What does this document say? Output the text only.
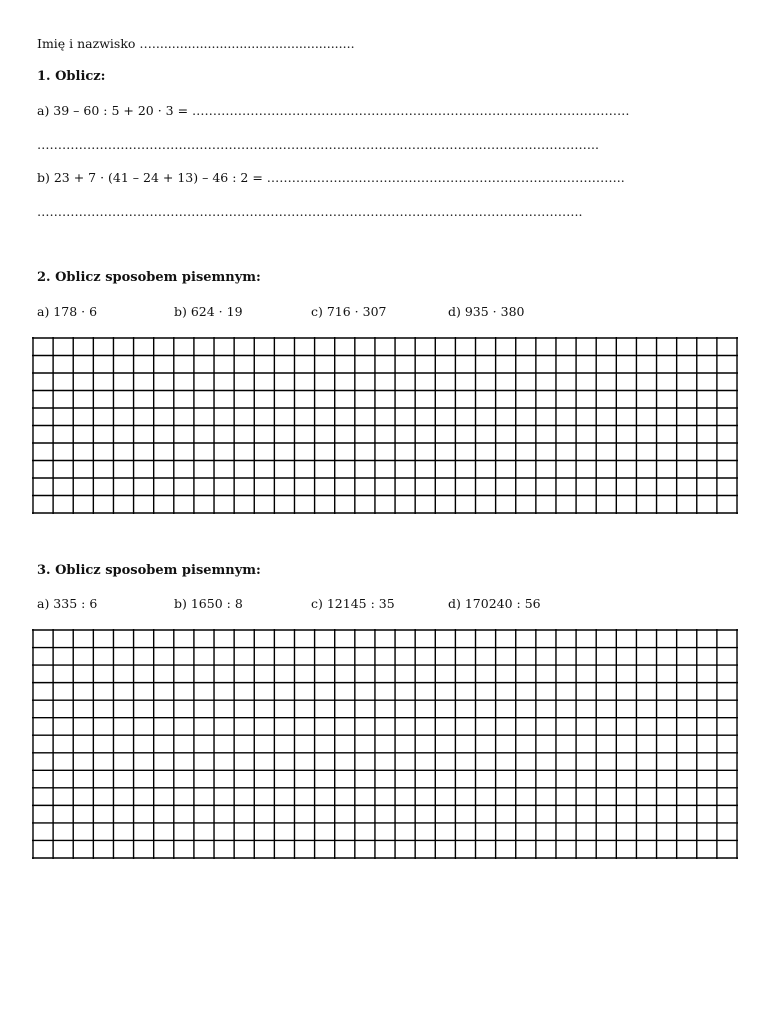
Imię i nazwisko …...................................................
1. Oblicz:
a) 39 – 60 : 5 + 20 · 3 = ……………………………………………………………………………………………
………………….…………………………………………………………………………………………………..
b) 23 + 7 · (41 – 24 + 13) – 46 : 2 = …………………………………………………………………………..
…………………………………………………………………………………………………………………..
2. Oblicz sposobem pisemnym:
a) 178 · 6	b) 624 · 19	c) 716 · 307	d) 935 · 380
3. Oblicz sposobem pisemnym:
a) 335 : 6	b) 1650 : 8	c) 12145 : 35	d) 170240 : 56
